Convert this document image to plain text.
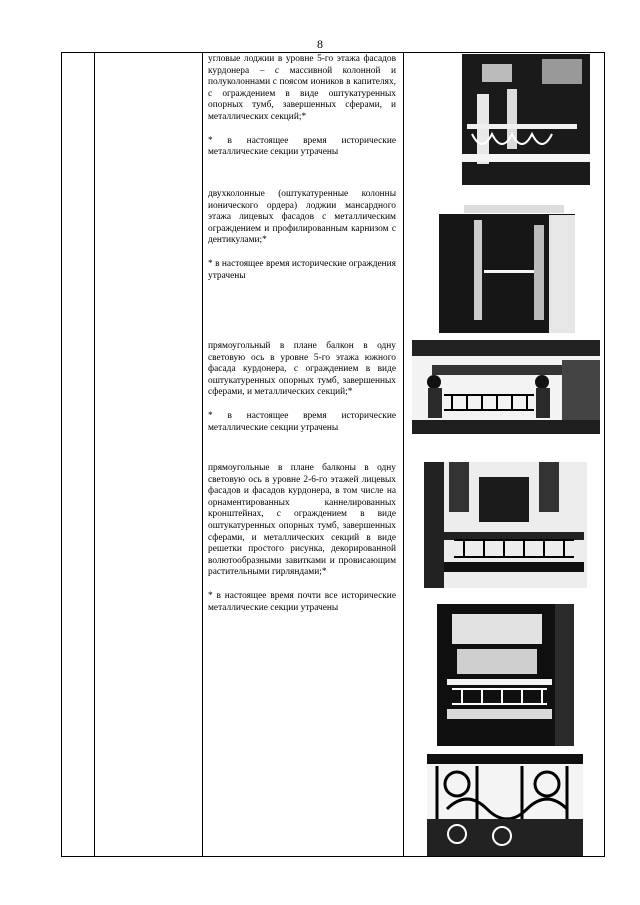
8

угловые лоджии в уровне 5-го этажа фасадов курдонера – с массивной колонной и полуколоннами с поясом иоников в капителях, с ограждением в виде оштукатуренных опорных тумб, завершенных сферами, и металлических секций;*

* в настоящее время исторические металлические секции утрачены

двухколонные (оштукатуренные колонны ионического ордера) лоджии мансардного этажа лицевых фасадов с металлическим ограждением и профилированным карнизом с дентикулами;*

* в настоящее время исторические ограждения утрачены

прямоугольный в плане балкон в одну световую ось в уровне 5-го этажа южного фасада курдонера, с ограждением в виде оштукатуренных опорных тумб, завершенных сферами, и металлических секций;*

* в настоящее время исторические металлические секции утрачены

прямоугольные в плане балконы в одну световую ось в уровне 2-6-го этажей лицевых фасадов и фасадов курдонера, в том числе на орнаментированных каннелированных кронштейнах, с ограждением в виде оштукатуренных опорных тумб, завершенных сферами, и металлических секций в виде решетки простого рисунка, декорированной волютообразными завитками и провисающим растительными гирляндами;*

* в настоящее время почти все исторические металлические секции утрачены
